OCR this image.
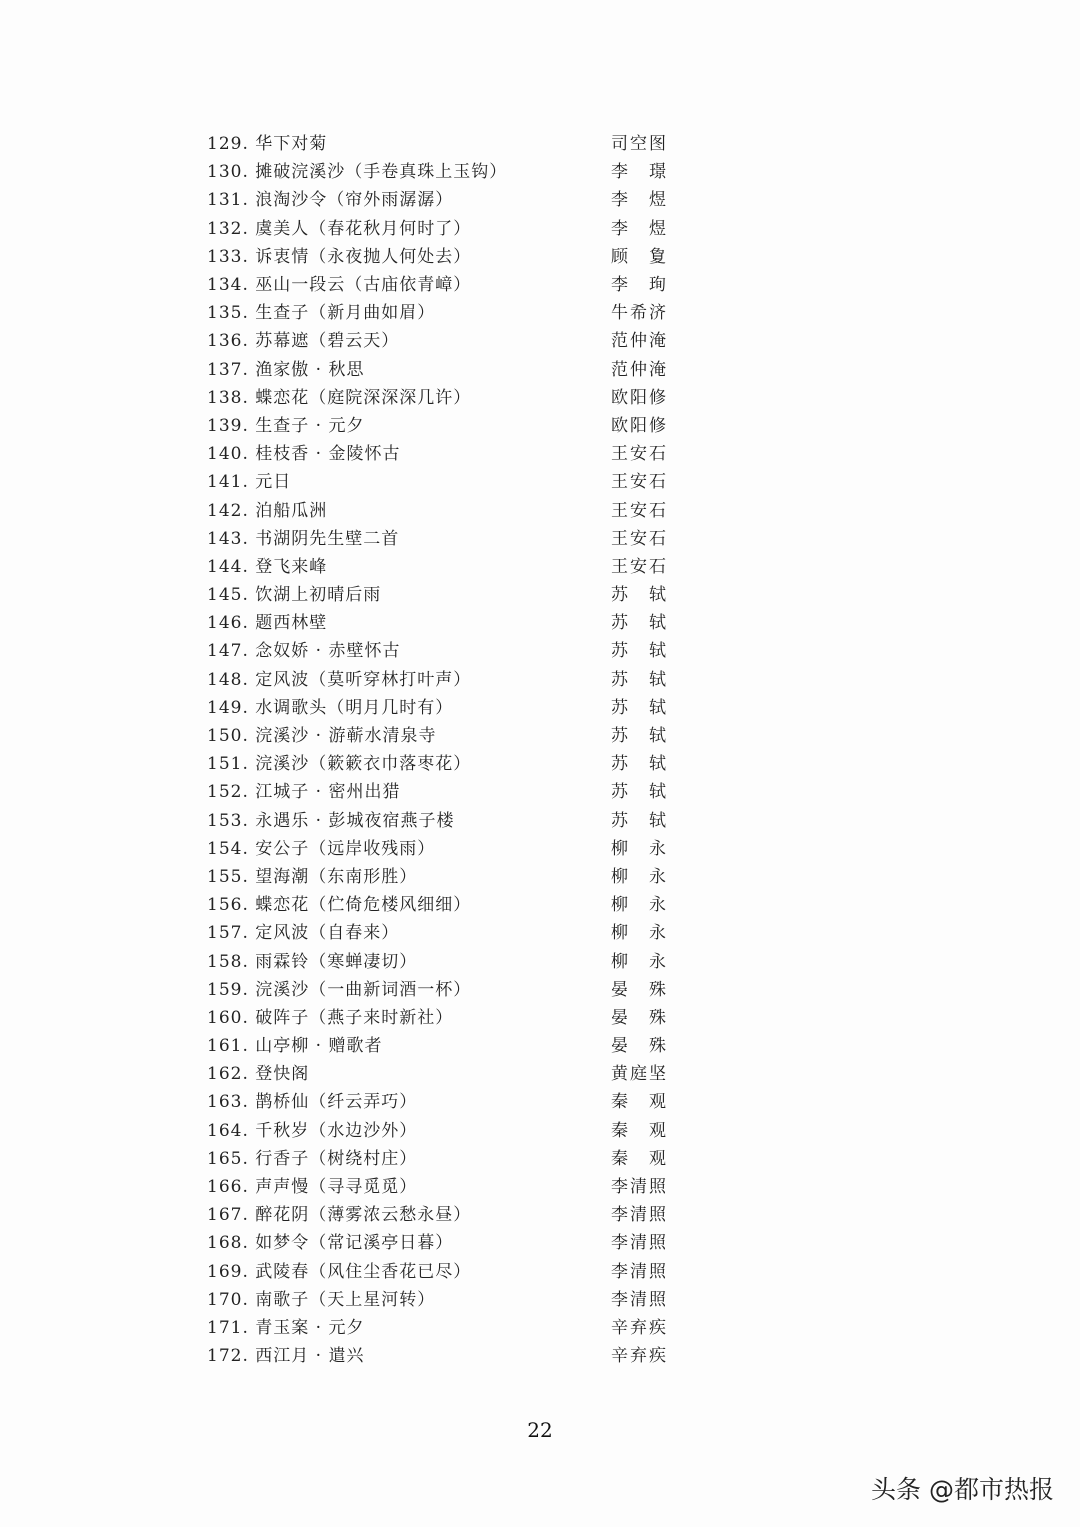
129. 华下对菊	司空图
130. 摊破浣溪沙（手卷真珠上玉钩）	李璟
131. 浪淘沙令（帘外雨潺潺）	李煜
132. 虞美人（春花秋月何时了）	李煜
133. 诉衷情（永夜抛人何处去）	顾夐
134. 巫山一段云（古庙依青嶂）	李珣
135. 生查子（新月曲如眉）	牛希济
136. 苏幕遮（碧云天）	范仲淹
137. 渔家傲 · 秋思	范仲淹
138. 蝶恋花（庭院深深深几许）	欧阳修
139. 生查子 · 元夕	欧阳修
140. 桂枝香 · 金陵怀古	王安石
141. 元日	王安石
142. 泊船瓜洲	王安石
143. 书湖阴先生壁二首	王安石
144. 登飞来峰	王安石
145. 饮湖上初晴后雨	苏轼
146. 题西林壁	苏轼
147. 念奴娇 · 赤壁怀古	苏轼
148. 定风波（莫听穿林打叶声）	苏轼
149. 水调歌头（明月几时有）	苏轼
150. 浣溪沙 · 游蕲水清泉寺	苏轼
151. 浣溪沙（簌簌衣巾落枣花）	苏轼
152. 江城子 · 密州出猎	苏轼
153. 永遇乐 · 彭城夜宿燕子楼	苏轼
154. 安公子（远岸收残雨）	柳永
155. 望海潮（东南形胜）	柳永
156. 蝶恋花（伫倚危楼风细细）	柳永
157. 定风波（自春来）	柳永
158. 雨霖铃（寒蝉凄切）	柳永
159. 浣溪沙（一曲新词酒一杯）	晏殊
160. 破阵子（燕子来时新社）	晏殊
161. 山亭柳 · 赠歌者	晏殊
162. 登快阁	黄庭坚
163. 鹊桥仙（纤云弄巧）	秦观
164. 千秋岁（水边沙外）	秦观
165. 行香子（树绕村庄）	秦观
166. 声声慢（寻寻觅觅）	李清照
167. 醉花阴（薄雾浓云愁永昼）	李清照
168. 如梦令（常记溪亭日暮）	李清照
169. 武陵春（风住尘香花已尽）	李清照
170. 南歌子（天上星河转）	李清照
171. 青玉案 · 元夕	辛弃疾
172. 西江月 · 遣兴	辛弃疾
22
头条 @都市热报
